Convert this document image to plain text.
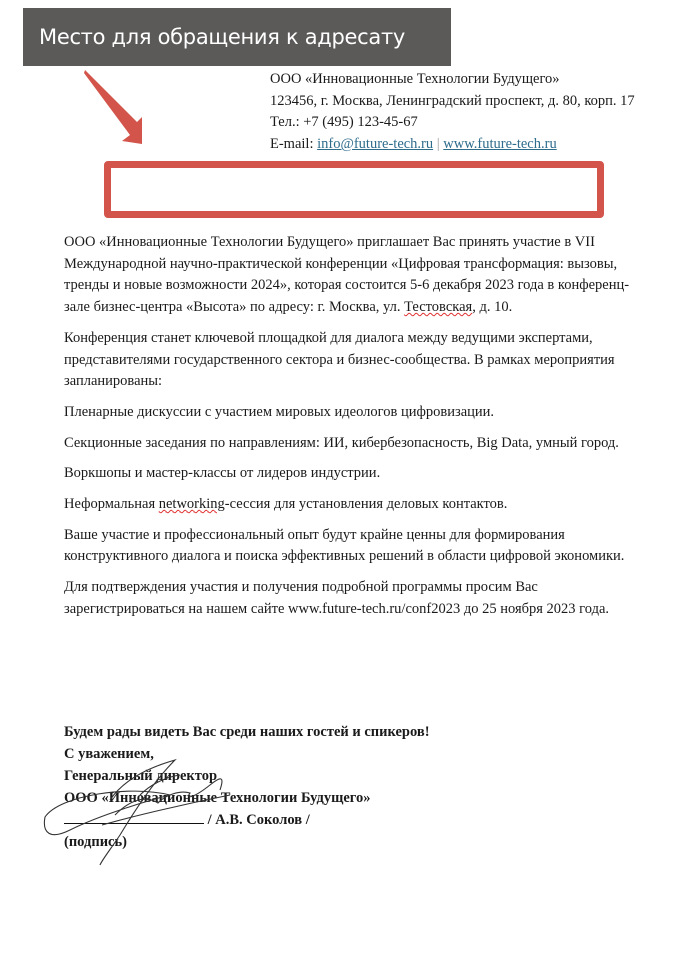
Место для обращения к адресату
ООО «Инновационные Технологии Будущего»
123456, г. Москва, Ленинградский проспект, д. 80, корп. 17
Тел.: +7 (495) 123-45-67
E-mail: info@future-tech.ru | www.future-tech.ru

ООО «Инновационные Технологии Будущего» приглашает Вас принять участие в VII Международной научно-практической конференции «Цифровая трансформация: вызовы, тренды и новые возможности 2024», которая состоится 5-6 декабря 2023 года в конференц-зале бизнес-центра «Высота» по адресу: г. Москва, ул. Тестовская, д. 10.

Конференция станет ключевой площадкой для диалога между ведущими экспертами, представителями государственного сектора и бизнес-сообщества. В рамках мероприятия запланированы:

Пленарные дискуссии с участием мировых идеологов цифровизации.

Секционные заседания по направлениям: ИИ, кибербезопасность, Big Data, умный город.

Воркшопы и мастер-классы от лидеров индустрии.

Неформальная networking-сессия для установления деловых контактов.

Ваше участие и профессиональный опыт будут крайне ценны для формирования конструктивного диалога и поиска эффективных решений в области цифровой экономики.

Для подтверждения участия и получения подробной программы просим Вас зарегистрироваться на нашем сайте www.future-tech.ru/conf2023 до 25 ноября 2023 года.

Будем рады видеть Вас среди наших гостей и спикеров!
С уважением,
Генеральный директор
ООО «Инновационные Технологии Будущего»
/ А.В. Соколов /
(подпись)
